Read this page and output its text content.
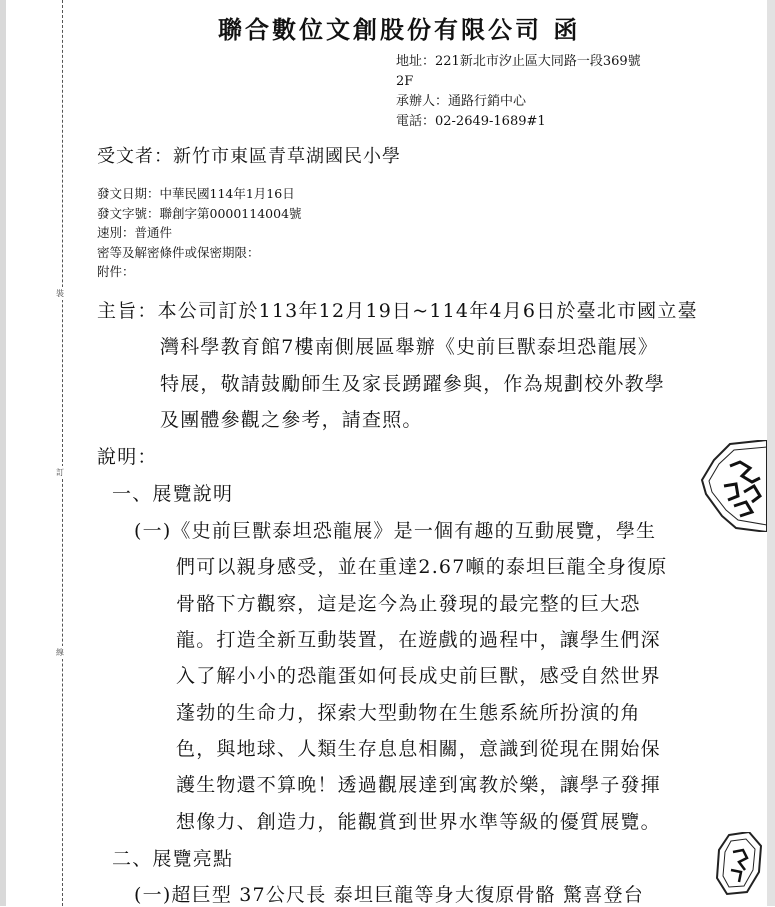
裝
訂
線
聯合數位文創股份有限公司 函
地址：221新北市汐止區大同路一段369號
2F
承辦人：通路行銷中心
電話：02-2649-1689#1
受文者：新竹市東區青草湖國民小學
發文日期：中華民國114年1月16日
發文字號：聯創字第0000114004號
速別：普通件
密等及解密條件或保密期限：
附件：
主旨：本公司訂於113年12月19日~114年4月6日於臺北市國立臺
灣科學教育館7樓南側展區舉辦《史前巨獸泰坦恐龍展》
特展，敬請鼓勵師生及家長踴躍參與，作為規劃校外教學
及團體參觀之參考，請查照。
說明：
一、展覽說明
(一)《史前巨獸泰坦恐龍展》是一個有趣的互動展覽，學生
們可以親身感受，並在重達2.67噸的泰坦巨龍全身復原
骨骼下方觀察，這是迄今為止發現的最完整的巨大恐
龍。打造全新互動裝置，在遊戲的過程中，讓學生們深
入了解小小的恐龍蛋如何長成史前巨獸，感受自然世界
蓬勃的生命力，探索大型動物在生態系統所扮演的角
色，與地球、人類生存息息相關，意識到從現在開始保
護生物還不算晚！透過觀展達到寓教於樂，讓學子發揮
想像力、創造力，能觀賞到世界水準等級的優質展覽。
二、展覽亮點
(一)超巨型 37公尺長 泰坦巨龍等身大復原骨骼 驚喜登台
